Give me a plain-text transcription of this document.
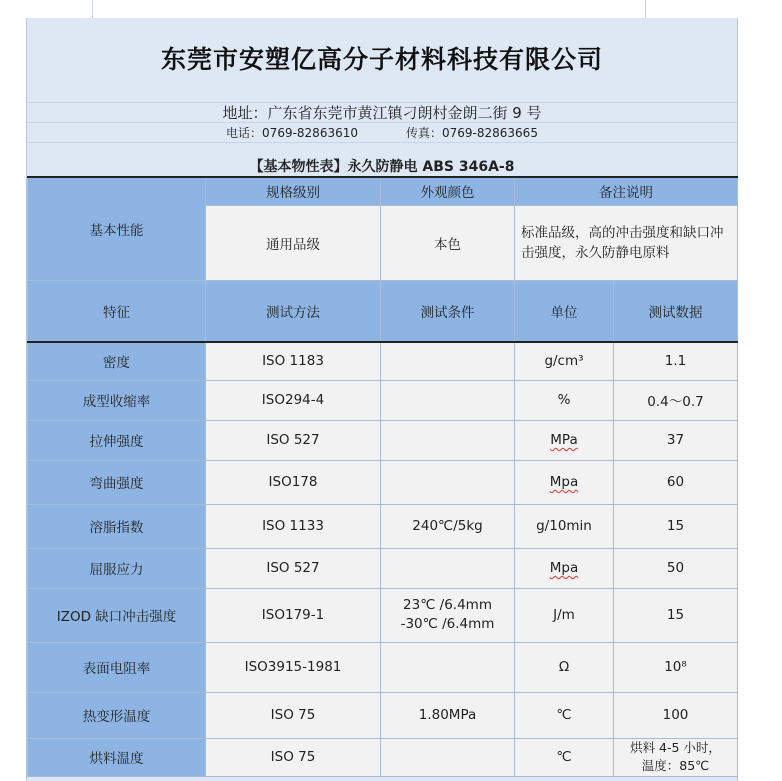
东莞市安塑亿高分子材料科技有限公司
地址：广东省东莞市黄江镇刁朗村金朗二街 9 号
电话：0769-82863610	传真：0769-82863665
【基本物性表】永久防静电 ABS 346A-8
基本性能	规格级别	外观颜色	备注说明	
	通用品级	本色	标准品级，高的冲击强度和缺口冲击强度，永久防静电原料	
特征	测试方法	测试条件	单位	测试数据
密度	ISO 1183		g/cm³	1.1
成型收缩率	ISO294-4		%	0.4～0.7
拉伸强度	ISO 527		MPa	37
弯曲强度	ISO178		Mpa	60
溶脂指数	ISO 1133	240℃/5kg	g/10min	15
屈服应力	ISO 527		Mpa	50
IZOD 缺口冲击强度	ISO179-1	23℃ /6.4mm
-30℃ /6.4mm	J/m	15
表面电阻率	ISO3915-1981		Ω	10⁸
热变形温度	ISO 75	1.80MPa	℃	100
烘料温度	ISO 75		℃	烘料 4-5 小时，
温度：85℃
